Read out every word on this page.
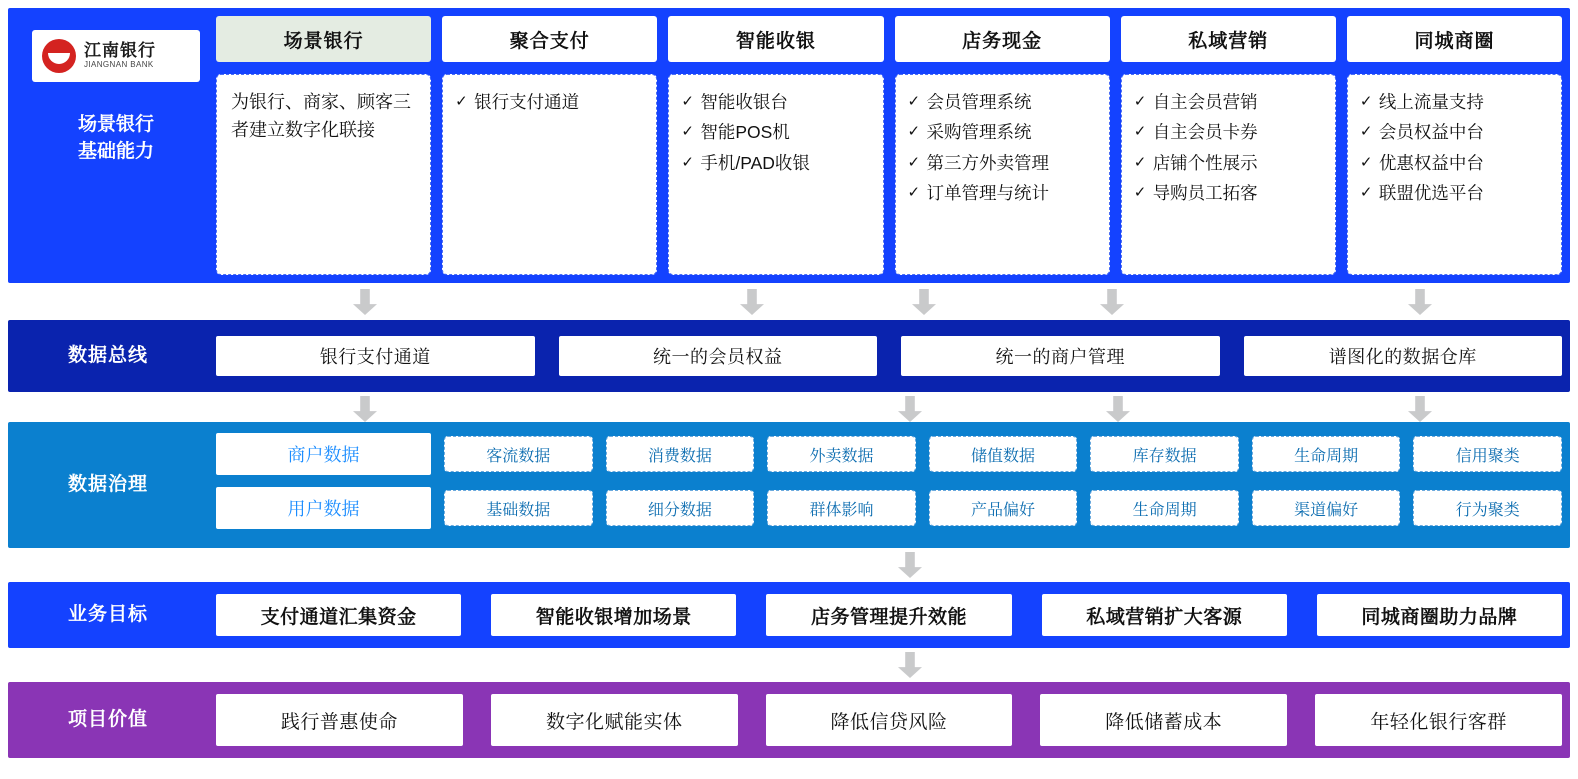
江南银行
JIANGNAN BANK
场景银行
基础能力
场景银行
为银行、商家、顾客三者建立数字化联接
聚合支付
✓ 银行支付通道
智能收银
✓ 智能收银台
✓ 智能POS机
✓ 手机/PAD收银
店务现金
✓ 会员管理系统
✓ 采购管理系统
✓ 第三方外卖管理
✓ 订单管理与统计
私域营销
✓ 自主会员营销
✓ 自主会员卡券
✓ 店铺个性展示
✓ 导购员工拓客
同城商圈
✓ 线上流量支持
✓ 会员权益中台
✓ 优惠权益中台
✓ 联盟优选平台
数据总线	银行支付通道	统一的会员权益	统一的商户管理	谱图化的数据仓库
数据治理
商户数据	客流数据	消费数据	外卖数据	储值数据	库存数据	生命周期	信用聚类
用户数据	基础数据	细分数据	群体影响	产品偏好	生命周期	渠道偏好	行为聚类
业务目标	支付通道汇集资金	智能收银增加场景	店务管理提升效能	私域营销扩大客源	同城商圈助力品牌
项目价值	践行普惠使命	数字化赋能实体	降低信贷风险	降低储蓄成本	年轻化银行客群
